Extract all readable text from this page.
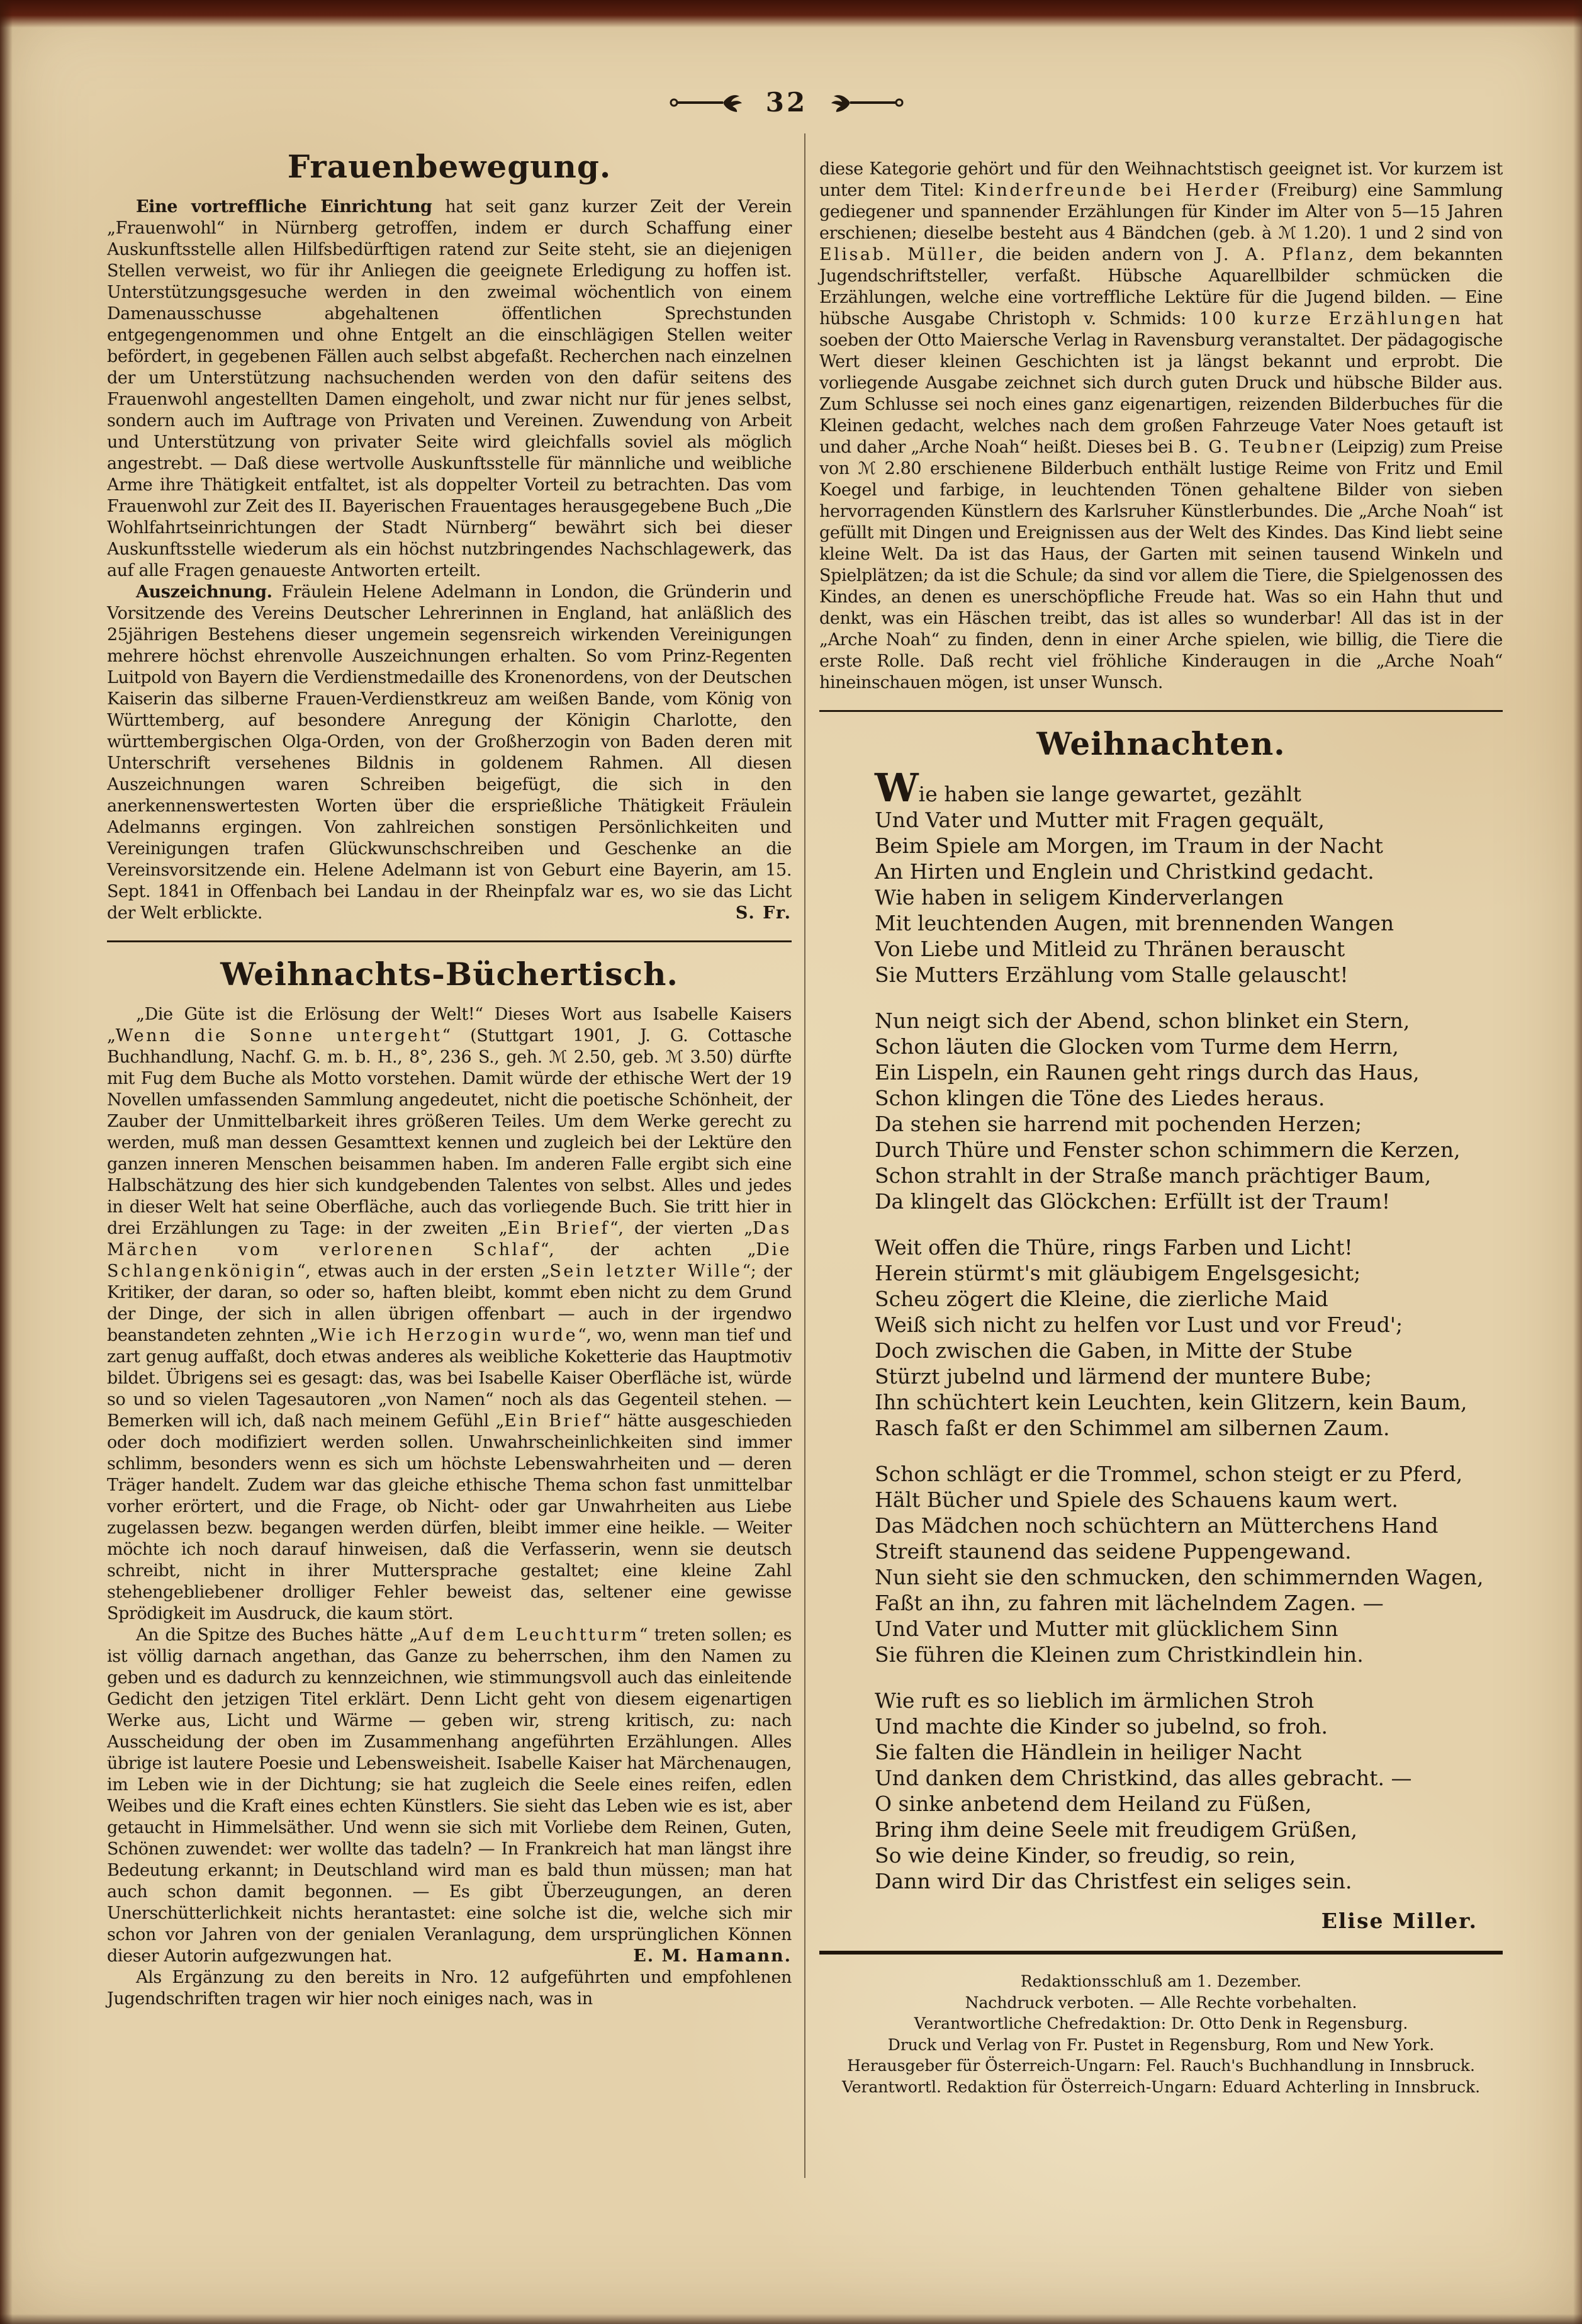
32
Frauenbewegung.

Eine vortreffliche Einrichtung hat seit ganz kurzer Zeit der Verein „Frauenwohl“ in Nürnberg getroffen, indem er durch Schaffung einer Auskunftsstelle allen Hilfsbedürftigen ratend zur Seite steht, sie an diejenigen Stellen verweist, wo für ihr Anliegen die geeignete Erledigung zu hoffen ist. Unterstützungsgesuche werden in den zweimal wöchentlich von einem Damenausschusse abgehaltenen öffentlichen Sprechstunden entgegengenommen und ohne Entgelt an die einschlägigen Stellen weiter befördert, in gegebenen Fällen auch selbst abgefaßt. Recherchen nach einzelnen der um Unterstützung nachsuchenden werden von den dafür seitens des Frauenwohl angestellten Damen eingeholt, und zwar nicht nur für jenes selbst, sondern auch im Auftrage von Privaten und Vereinen. Zuwendung von Arbeit und Unterstützung von privater Seite wird gleichfalls soviel als möglich angestrebt. — Daß diese wertvolle Auskunftsstelle für männliche und weibliche Arme ihre Thätigkeit entfaltet, ist als doppelter Vorteil zu betrachten. Das vom Frauenwohl zur Zeit des II. Bayerischen Frauentages herausgegebene Buch „Die Wohlfahrtseinrichtungen der Stadt Nürnberg“ bewährt sich bei dieser Auskunftsstelle wiederum als ein höchst nutzbringendes Nachschlagewerk, das auf alle Fragen genaueste Antworten erteilt.

Auszeichnung. Fräulein Helene Adelmann in London, die Gründerin und Vorsitzende des Vereins Deutscher Lehrerinnen in England, hat anläßlich des 25jährigen Bestehens dieser ungemein segensreich wirkenden Vereinigungen mehrere höchst ehrenvolle Auszeichnungen erhalten. So vom Prinz-Regenten Luitpold von Bayern die Verdienstmedaille des Kronenordens, von der Deutschen Kaiserin das silberne Frauen-Verdienstkreuz am weißen Bande, vom König von Württemberg, auf besondere Anregung der Königin Charlotte, den württembergischen Olga-Orden, von der Großherzogin von Baden deren mit Unterschrift versehenes Bildnis in goldenem Rahmen. All diesen Auszeichnungen waren Schreiben beigefügt, die sich in den anerkennenswertesten Worten über die ersprießliche Thätigkeit Fräulein Adelmanns ergingen. Von zahlreichen sonstigen Persönlichkeiten und Vereinigungen trafen Glückwunschschreiben und Geschenke an die Vereinsvorsitzende ein. Helene Adelmann ist von Geburt eine Bayerin, am 15. Sept. 1841 in Offenbach bei Landau in der Rheinpfalz war es, wo sie das Licht der Welt erblickte.	S. Fr.

Weihnachts-Büchertisch.

„Die Güte ist die Erlösung der Welt!“ Dieses Wort aus Isabelle Kaisers „Wenn die Sonne untergeht“ (Stuttgart 1901, J. G. Cottasche Buchhandlung, Nachf. G. m. b. H., 8°, 236 S., geh. ℳ 2.50, geb. ℳ 3.50) dürfte mit Fug dem Buche als Motto vorstehen. Damit würde der ethische Wert der 19 Novellen umfassenden Sammlung angedeutet, nicht die poetische Schönheit, der Zauber der Unmittelbarkeit ihres größeren Teiles. Um dem Werke gerecht zu werden, muß man dessen Gesamttext kennen und zugleich bei der Lektüre den ganzen inneren Menschen beisammen haben. Im anderen Falle ergibt sich eine Halbschätzung des hier sich kundgebenden Talentes von selbst. Alles und jedes in dieser Welt hat seine Oberfläche, auch das vorliegende Buch. Sie tritt hier in drei Erzählungen zu Tage: in der zweiten „Ein Brief“, der vierten „Das Märchen vom verlorenen Schlaf“, der achten „Die Schlangenkönigin“, etwas auch in der ersten „Sein letzter Wille“; der Kritiker, der daran, so oder so, haften bleibt, kommt eben nicht zu dem Grund der Dinge, der sich in allen übrigen offenbart — auch in der irgendwo beanstandeten zehnten „Wie ich Herzogin wurde“, wo, wenn man tief und zart genug auffaßt, doch etwas anderes als weibliche Koketterie das Hauptmotiv bildet. Übrigens sei es gesagt: das, was bei Isabelle Kaiser Oberfläche ist, würde so und so vielen Tagesautoren „von Namen“ noch als das Gegenteil stehen. — Bemerken will ich, daß nach meinem Gefühl „Ein Brief“ hätte ausgeschieden oder doch modifiziert werden sollen. Unwahrscheinlichkeiten sind immer schlimm, besonders wenn es sich um höchste Lebenswahrheiten und — deren Träger handelt. Zudem war das gleiche ethische Thema schon fast unmittelbar vorher erörtert, und die Frage, ob Nicht- oder gar Unwahrheiten aus Liebe zugelassen bezw. begangen werden dürfen, bleibt immer eine heikle. — Weiter möchte ich noch darauf hinweisen, daß die Verfasserin, wenn sie deutsch schreibt, nicht in ihrer Muttersprache gestaltet; eine kleine Zahl stehengebliebener drolliger Fehler beweist das, seltener eine gewisse Sprödigkeit im Ausdruck, die kaum stört.

An die Spitze des Buches hätte „Auf dem Leuchtturm“ treten sollen; es ist völlig darnach angethan, das Ganze zu beherrschen, ihm den Namen zu geben und es dadurch zu kennzeichnen, wie stimmungsvoll auch das einleitende Gedicht den jetzigen Titel erklärt. Denn Licht geht von diesem eigenartigen Werke aus, Licht und Wärme — geben wir, streng kritisch, zu: nach Ausscheidung der oben im Zusammenhang angeführten Erzählungen. Alles übrige ist lautere Poesie und Lebensweisheit. Isabelle Kaiser hat Märchenaugen, im Leben wie in der Dichtung; sie hat zugleich die Seele eines reifen, edlen Weibes und die Kraft eines echten Künstlers. Sie sieht das Leben wie es ist, aber getaucht in Himmelsäther. Und wenn sie sich mit Vorliebe dem Reinen, Guten, Schönen zuwendet: wer wollte das tadeln? — In Frankreich hat man längst ihre Bedeutung erkannt; in Deutschland wird man es bald thun müssen; man hat auch schon damit begonnen. — Es gibt Überzeugungen, an deren Unerschütterlichkeit nichts herantastet: eine solche ist die, welche sich mir schon vor Jahren von der genialen Veranlagung, dem ursprünglichen Können dieser Autorin aufgezwungen hat.	E. M. Hamann.

Als Ergänzung zu den bereits in Nro. 12 aufgeführten und empfohlenen Jugendschriften tragen wir hier noch einiges nach, was in

diese Kategorie gehört und für den Weihnachtstisch geeignet ist. Vor kurzem ist unter dem Titel: Kinderfreunde bei Herder (Freiburg) eine Sammlung gediegener und spannender Erzählungen für Kinder im Alter von 5—15 Jahren erschienen; dieselbe besteht aus 4 Bändchen (geb. à ℳ 1.20). 1 und 2 sind von Elisab. Müller, die beiden andern von J. A. Pflanz, dem bekannten Jugendschriftsteller, verfaßt. Hübsche Aquarellbilder schmücken die Erzählungen, welche eine vortreffliche Lektüre für die Jugend bilden. — Eine hübsche Ausgabe Christoph v. Schmids: 100 kurze Erzählungen hat soeben der Otto Maiersche Verlag in Ravensburg veranstaltet. Der pädagogische Wert dieser kleinen Geschichten ist ja längst bekannt und erprobt. Die vorliegende Ausgabe zeichnet sich durch guten Druck und hübsche Bilder aus. Zum Schlusse sei noch eines ganz eigenartigen, reizenden Bilderbuches für die Kleinen gedacht, welches nach dem großen Fahrzeuge Vater Noes getauft ist und daher „Arche Noah“ heißt. Dieses bei B. G. Teubner (Leipzig) zum Preise von ℳ 2.80 erschienene Bilderbuch enthält lustige Reime von Fritz und Emil Koegel und farbige, in leuchtenden Tönen gehaltene Bilder von sieben hervorragenden Künstlern des Karlsruher Künstlerbundes. Die „Arche Noah“ ist gefüllt mit Dingen und Ereignissen aus der Welt des Kindes. Das Kind liebt seine kleine Welt. Da ist das Haus, der Garten mit seinen tausend Winkeln und Spielplätzen; da ist die Schule; da sind vor allem die Tiere, die Spielgenossen des Kindes, an denen es unerschöpfliche Freude hat. Was so ein Hahn thut und denkt, was ein Häschen treibt, das ist alles so wunderbar! All das ist in der „Arche Noah“ zu finden, denn in einer Arche spielen, wie billig, die Tiere die erste Rolle. Daß recht viel fröhliche Kinderaugen in die „Arche Noah“ hineinschauen mögen, ist unser Wunsch.

Weihnachten.
Wie haben sie lange gewartet, gezählt
Und Vater und Mutter mit Fragen gequält,
Beim Spiele am Morgen, im Traum in der Nacht
An Hirten und Englein und Christkind gedacht.
Wie haben in seligem Kinderverlangen
Mit leuchtenden Augen, mit brennenden Wangen
Von Liebe und Mitleid zu Thränen berauscht
Sie Mutters Erzählung vom Stalle gelauscht!
Nun neigt sich der Abend, schon blinket ein Stern,
Schon läuten die Glocken vom Turme dem Herrn,
Ein Lispeln, ein Raunen geht rings durch das Haus,
Schon klingen die Töne des Liedes heraus.
Da stehen sie harrend mit pochenden Herzen;
Durch Thüre und Fenster schon schimmern die Kerzen,
Schon strahlt in der Straße manch prächtiger Baum,
Da klingelt das Glöckchen: Erfüllt ist der Traum!
Weit offen die Thüre, rings Farben und Licht!
Herein stürmt's mit gläubigem Engelsgesicht;
Scheu zögert die Kleine, die zierliche Maid
Weiß sich nicht zu helfen vor Lust und vor Freud';
Doch zwischen die Gaben, in Mitte der Stube
Stürzt jubelnd und lärmend der muntere Bube;
Ihn schüchtert kein Leuchten, kein Glitzern, kein Baum,
Rasch faßt er den Schimmel am silbernen Zaum.
Schon schlägt er die Trommel, schon steigt er zu Pferd,
Hält Bücher und Spiele des Schauens kaum wert.
Das Mädchen noch schüchtern an Mütterchens Hand
Streift staunend das seidene Puppengewand.
Nun sieht sie den schmucken, den schimmernden Wagen,
Faßt an ihn, zu fahren mit lächelndem Zagen. —
Und Vater und Mutter mit glücklichem Sinn
Sie führen die Kleinen zum Christkindlein hin.
Wie ruft es so lieblich im ärmlichen Stroh
Und machte die Kinder so jubelnd, so froh.
Sie falten die Händlein in heiliger Nacht
Und danken dem Christkind, das alles gebracht. —
O sinke anbetend dem Heiland zu Füßen,
Bring ihm deine Seele mit freudigem Grüßen,
So wie deine Kinder, so freudig, so rein,
Dann wird Dir das Christfest ein seliges sein.
Elise Miller.
Redaktionsschluß am 1. Dezember.
Nachdruck verboten. — Alle Rechte vorbehalten.
Verantwortliche Chefredaktion: Dr. Otto Denk in Regensburg.
Druck und Verlag von Fr. Pustet in Regensburg, Rom und New York.
Herausgeber für Österreich-Ungarn: Fel. Rauch's Buchhandlung in Innsbruck.
Verantwortl. Redaktion für Österreich-Ungarn: Eduard Achterling in Innsbruck.
